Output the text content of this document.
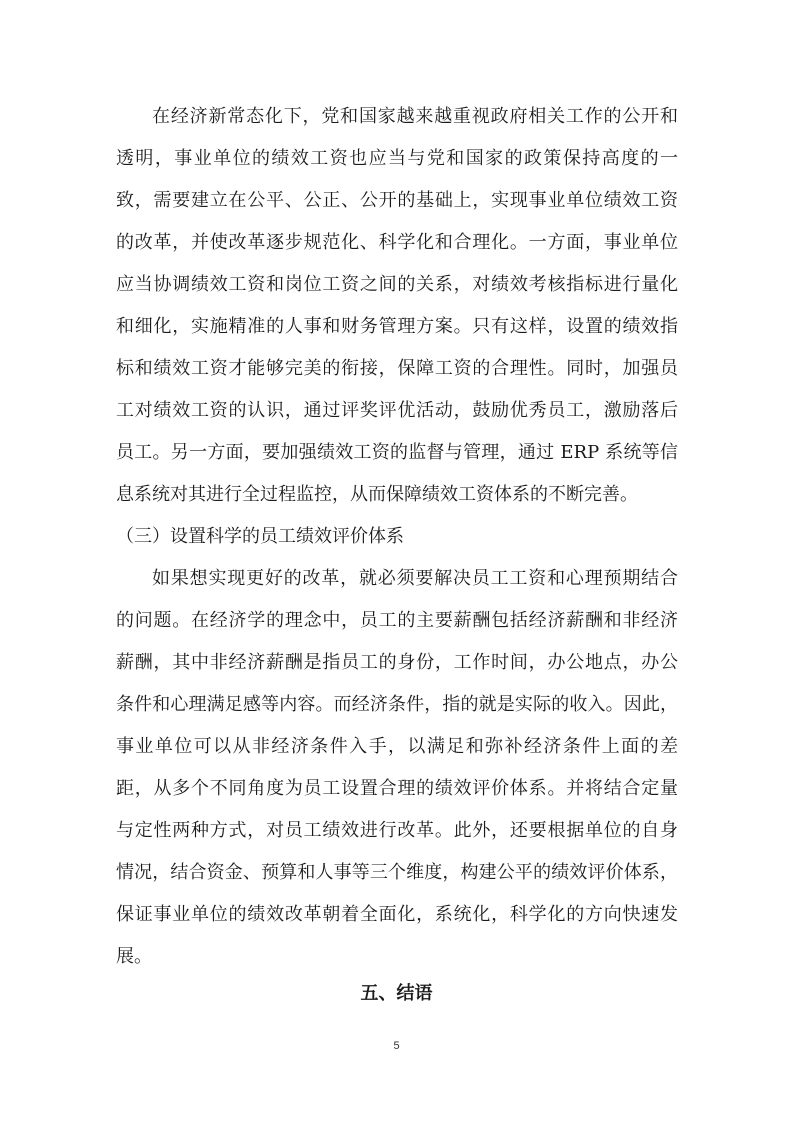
在经济新常态化下，党和国家越来越重视政府相关工作的公开和
透明，事业单位的绩效工资也应当与党和国家的政策保持高度的一
致，需要建立在公平、公正、公开的基础上，实现事业单位绩效工资
的改革，并使改革逐步规范化、科学化和合理化。一方面，事业单位
应当协调绩效工资和岗位工资之间的关系，对绩效考核指标进行量化
和细化，实施精准的人事和财务管理方案。只有这样，设置的绩效指
标和绩效工资才能够完美的衔接，保障工资的合理性。同时，加强员
工对绩效工资的认识，通过评奖评优活动，鼓励优秀员工，激励落后
员工。另一方面，要加强绩效工资的监督与管理，通过 ERP 系统等信
息系统对其进行全过程监控，从而保障绩效工资体系的不断完善。
（三）设置科学的员工绩效评价体系
如果想实现更好的改革，就必须要解决员工工资和心理预期结合
的问题。在经济学的理念中，员工的主要薪酬包括经济薪酬和非经济
薪酬，其中非经济薪酬是指员工的身份，工作时间，办公地点，办公
条件和心理满足感等内容。而经济条件，指的就是实际的收入。因此，
事业单位可以从非经济条件入手，以满足和弥补经济条件上面的差
距，从多个不同角度为员工设置合理的绩效评价体系。并将结合定量
与定性两种方式，对员工绩效进行改革。此外，还要根据单位的自身
情况，结合资金、预算和人事等三个维度，构建公平的绩效评价体系，
保证事业单位的绩效改革朝着全面化，系统化，科学化的方向快速发
展。
五、结语
5
